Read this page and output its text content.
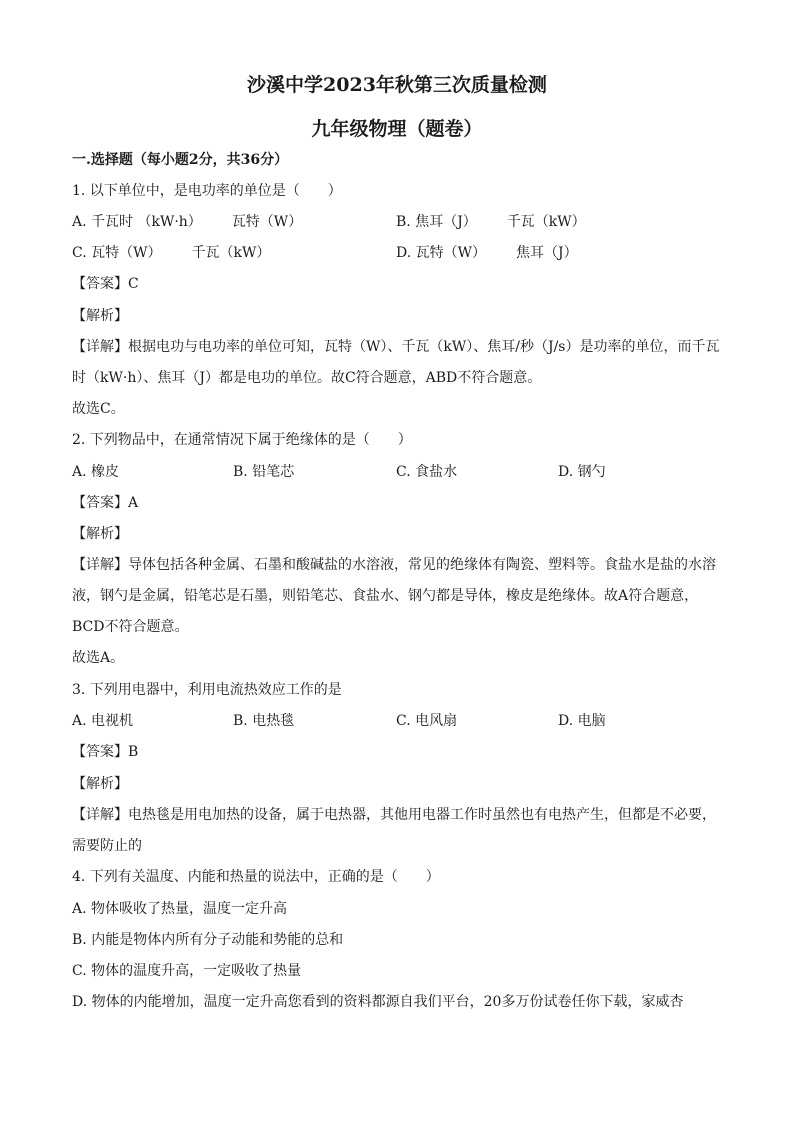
沙溪中学2023年秋第三次质量检测
九年级物理（题卷）
一.选择题（每小题2分，共36分）
1. 以下单位中，是电功率的单位是（　　）
A. 千瓦时 （kW·h） 瓦特（W）	B. 焦耳（J） 千瓦（kW）
C. 瓦特（W） 千瓦（kW）	D. 瓦特（W） 焦耳（J）
【答案】C
【解析】
【详解】根据电功与电功率的单位可知，瓦特（W）、千瓦（kW）、焦耳/秒（J/s）是功率的单位，而千瓦
时（kW·h）、焦耳（J）都是电功的单位。故C符合题意，ABD不符合题意。
故选C。
2. 下列物品中，在通常情况下属于绝缘体的是（　　）
A. 橡皮	B. 铅笔芯	C. 食盐水	D. 钢勺
【答案】A
【解析】
【详解】导体包括各种金属、石墨和酸碱盐的水溶液，常见的绝缘体有陶瓷、塑料等。食盐水是盐的水溶
液，钢勺是金属，铅笔芯是石墨，则铅笔芯、食盐水、钢勺都是导体，橡皮是绝缘体。故A符合题意，
BCD不符合题意。
故选A。
3. 下列用电器中，利用电流热效应工作的是
A. 电视机	B. 电热毯	C. 电风扇	D. 电脑
【答案】B
【解析】
【详解】电热毯是用电加热的设备，属于电热器，其他用电器工作时虽然也有电热产生，但都是不必要，
需要防止的
4. 下列有关温度、内能和热量的说法中，正确的是（　　）
A. 物体吸收了热量，温度一定升高
B. 内能是物体内所有分子动能和势能的总和
C. 物体的温度升高，一定吸收了热量
D. 物体的内能增加，温度一定升高您看到的资料都源自我们平台，20多万份试卷任你下载，家威杏
